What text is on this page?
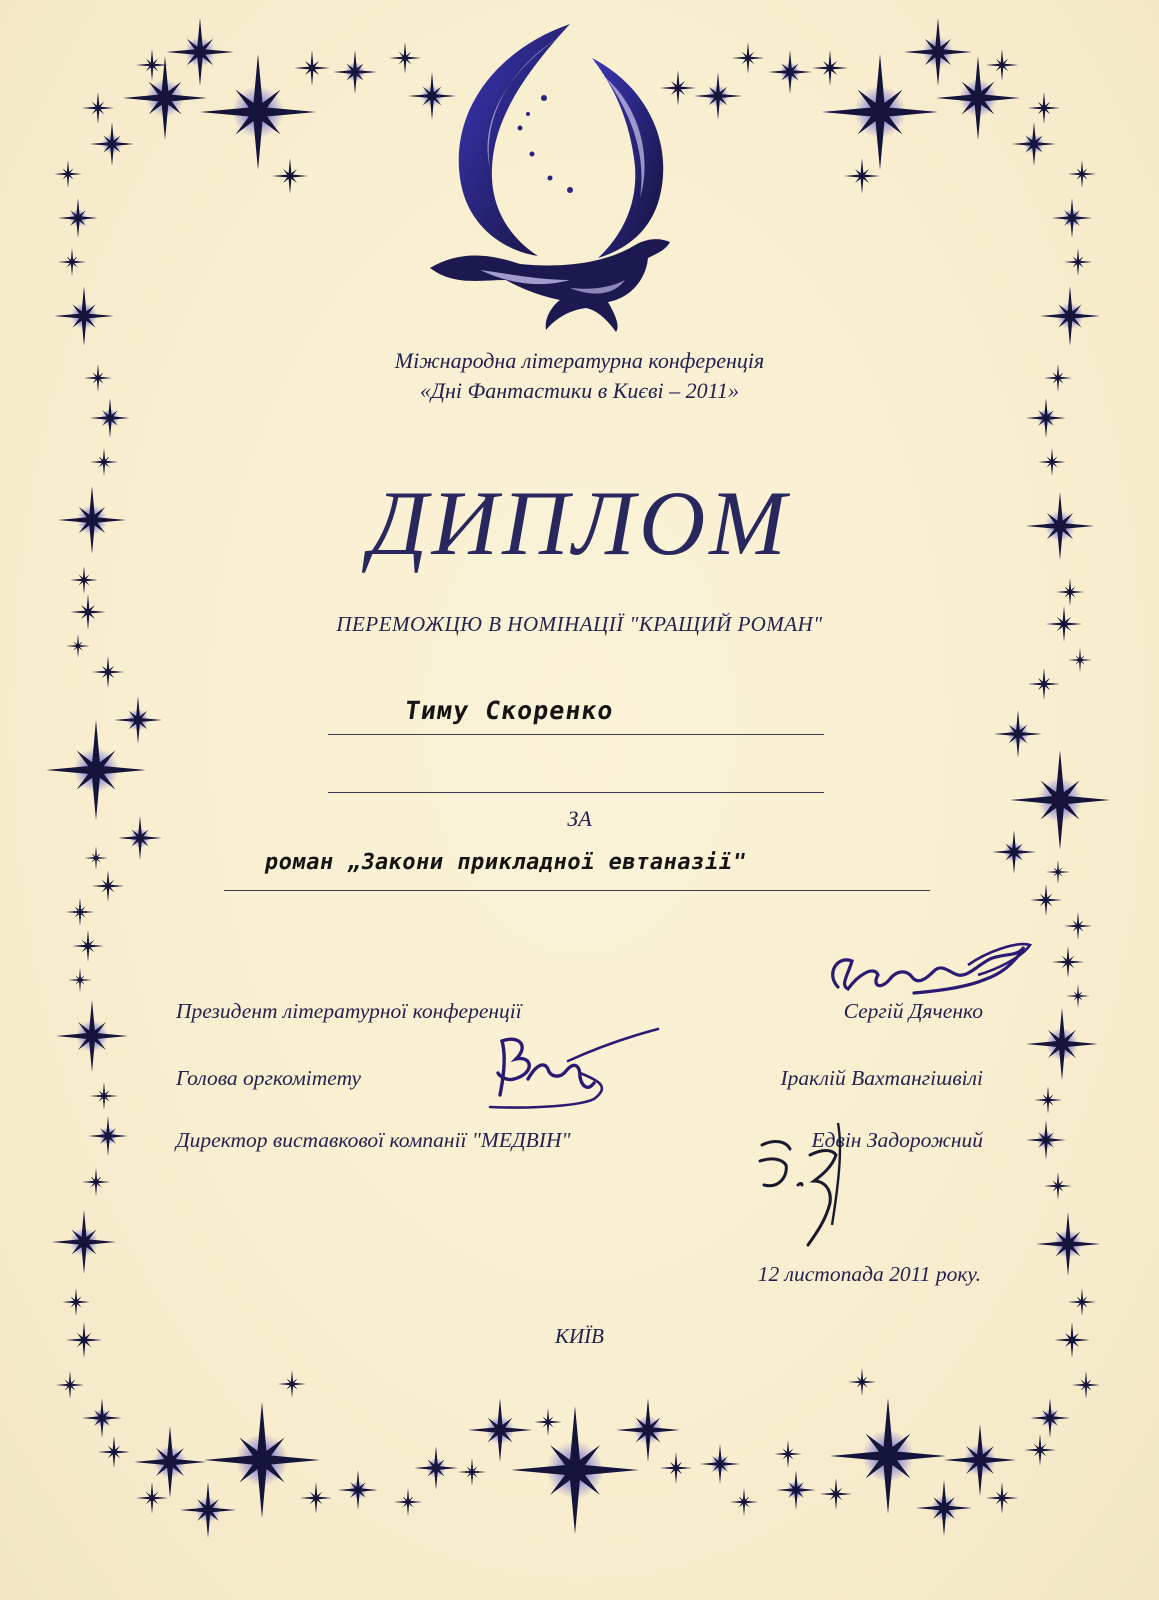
Міжнародна літературна конференція
«Дні Фантастики в Києві – 2011»
ДИПЛОМ
ПЕРЕМОЖЦЮ В НОМІНАЦІЇ "КРАЩИЙ РОМАН"
Тиму Скоренко
ЗА
роман „Закони прикладної евтаназії"
Президент літературної конференції	Сергій Дяченко
Голова оргкомітету	Іраклій Вахтангішвілі
Директор виставкової компанії "МЕДВІН"	Едвін Задорожний
12 листопада 2011 року.
КИЇВ
